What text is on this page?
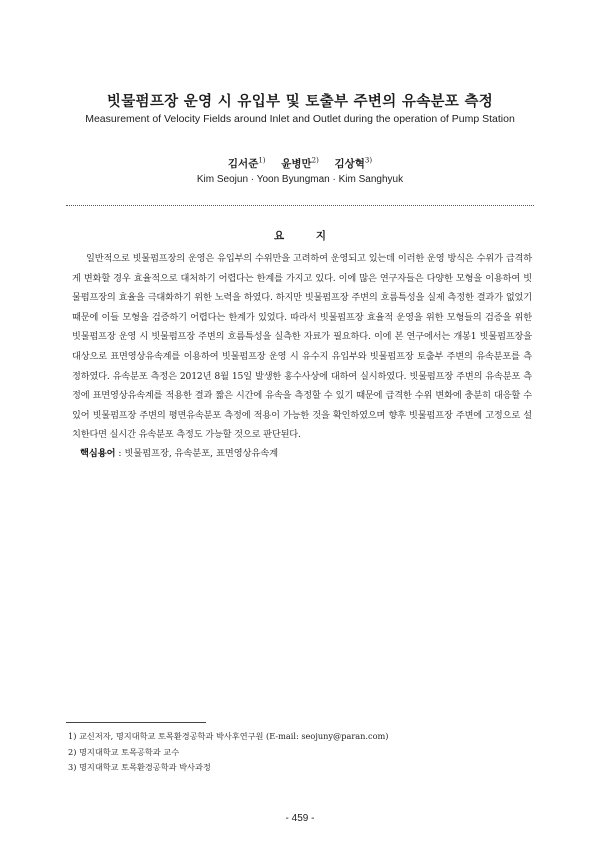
빗물펌프장 운영 시 유입부 및 토출부 주변의 유속분포 측정
Measurement of Velocity Fields around Inlet and Outlet during the operation of Pump Station
김서준$^{1)}$ 윤병만$^{2)}$ 김상혁$^{3)}$
Kim Seojun · Yoon Byungman · Kim Sanghyuk
요 지

일반적으로 빗물펌프장의 운영은 유입부의 수위만을 고려하여 운영되고 있는데 이러한 운영 방식은 수위가 급격하게 변화할 경우 효율적으로 대처하기 어렵다는 한계를 가지고 있다. 이에 많은 연구자들은 다양한 모형을 이용하여 빗물펌프장의 효율을 극대화하기 위한 노력을 하였다. 하지만 빗물펌프장 주변의 흐름특성을 실제 측정한 결과가 없었기 때문에 이들 모형을 검증하기 어렵다는 한계가 있었다. 따라서 빗물펌프장 효율적 운영을 위한 모형들의 검증을 위한 빗물펌프장 운영 시 빗물펌프장 주변의 흐름특성을 실측한 자료가 필요하다. 이에 본 연구에서는 개봉1 빗물펌프장을 대상으로 표면영상유속계를 이용하여 빗물펌프장 운영 시 유수지 유입부와 빗물펌프장 토출부 주변의 유속분포를 측정하였다. 유속분포 측정은 2012년 8월 15일 발생한 홍수사상에 대하여 실시하였다. 빗물펌프장 주변의 유속분포 측정에 표면영상유속계를 적용한 결과 짧은 시간에 유속을 측정할 수 있기 때문에 급격한 수위 변화에 충분히 대응할 수 있어 빗물펌프장 주변의 평면유속분포 측정에 적용이 가능한 것을 확인하였으며 향후 빗물펌프장 주변에 고정으로 설치한다면 실시간 유속분포 측정도 가능할 것으로 판단된다.

핵심용어 : 빗물펌프장, 유속분포, 표면영상유속계
1) 교신저자, 명지대학교 토목환경공학과 박사후연구원 (E-mail: seojuny@paran.com)
2) 명지대학교 토목공학과 교수
3) 명지대학교 토목환경공학과 박사과정
- 459 -
